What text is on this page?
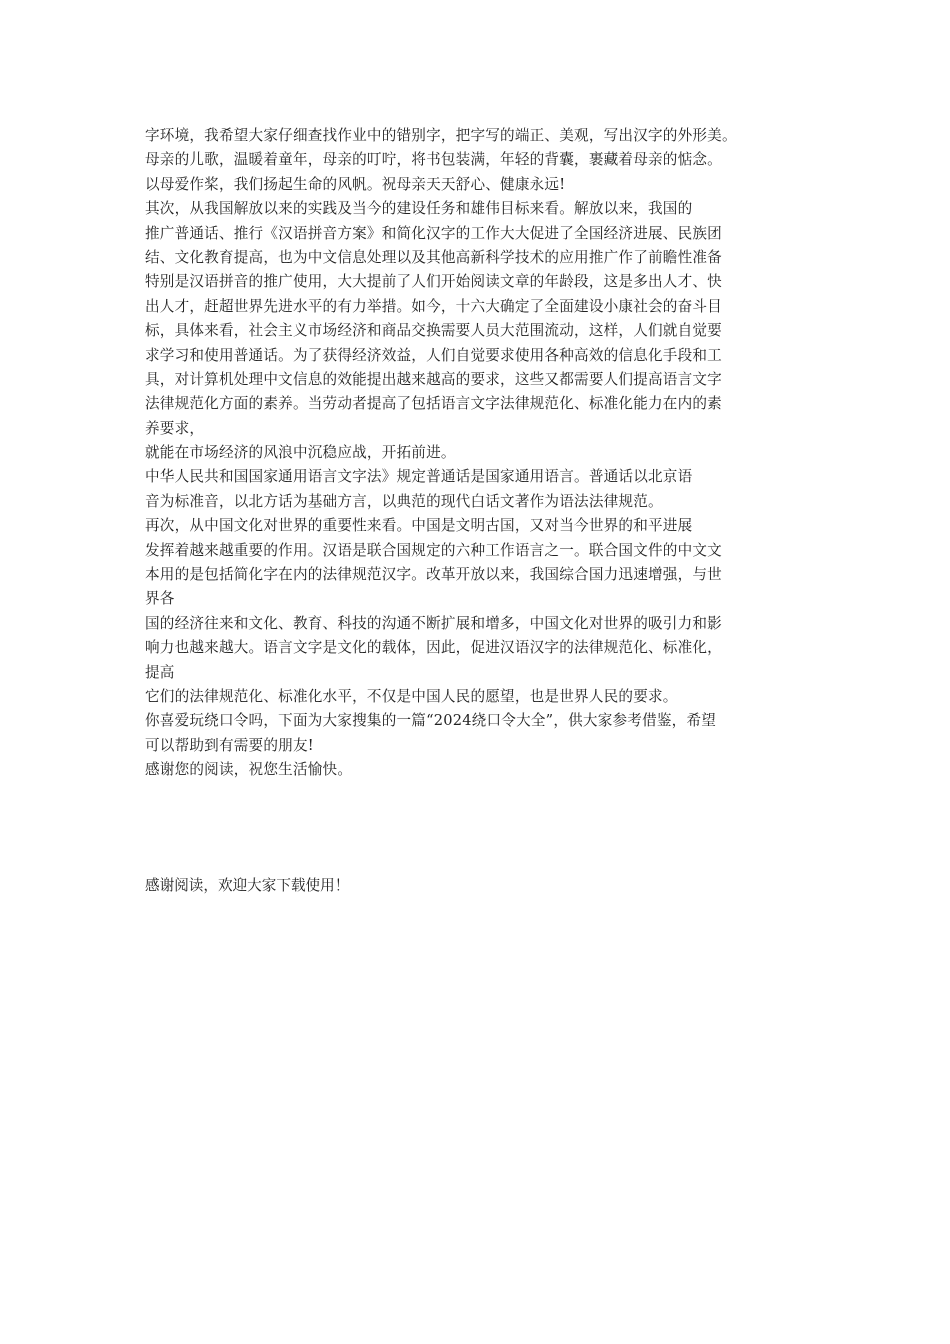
字环境，我希望大家仔细查找作业中的错别字，把字写的端正、美观，写出汉字的外形美。
母亲的儿歌，温暖着童年，母亲的叮咛，将书包装满，年轻的背囊，裹藏着母亲的惦念。
以母爱作桨，我们扬起生命的风帆。祝母亲天天舒心、健康永远!
其次，从我国解放以来的实践及当今的建设任务和雄伟目标来看。解放以来，我国的
推广普通话、推行《汉语拼音方案》和简化汉字的工作大大促进了全国经济进展、民族团
结、文化教育提高，也为中文信息处理以及其他高新科学技术的应用推广作了前瞻性准备
特别是汉语拼音的推广使用，大大提前了人们开始阅读文章的年龄段，这是多出人才、快
出人才，赶超世界先进水平的有力举措。如今，十六大确定了全面建设小康社会的奋斗目
标，具体来看，社会主义市场经济和商品交换需要人员大范围流动，这样，人们就自觉要
求学习和使用普通话。为了获得经济效益，人们自觉要求使用各种高效的信息化手段和工
具，对计算机处理中文信息的效能提出越来越高的要求，这些又都需要人们提高语言文字
法律规范化方面的素养。当劳动者提高了包括语言文字法律规范化、标准化能力在内的素
养要求，
就能在市场经济的风浪中沉稳应战，开拓前进。
中华人民共和国国家通用语言文字法》规定普通话是国家通用语言。普通话以北京语
音为标准音，以北方话为基础方言，以典范的现代白话文著作为语法法律规范。
再次，从中国文化对世界的重要性来看。中国是文明古国，又对当今世界的和平进展
发挥着越来越重要的作用。汉语是联合国规定的六种工作语言之一。联合国文件的中文文
本用的是包括简化字在内的法律规范汉字。改革开放以来，我国综合国力迅速增强，与世
界各
国的经济往来和文化、教育、科技的沟通不断扩展和增多，中国文化对世界的吸引力和影
响力也越来越大。语言文字是文化的载体，因此，促进汉语汉字的法律规范化、标准化，
提高
它们的法律规范化、标准化水平，不仅是中国人民的愿望，也是世界人民的要求。
你喜爱玩绕口令吗，下面为大家搜集的一篇“2024绕口令大全”，供大家参考借鉴，希望
可以帮助到有需要的朋友!
感谢您的阅读，祝您生活愉快。
感谢阅读，欢迎大家下载使用！
